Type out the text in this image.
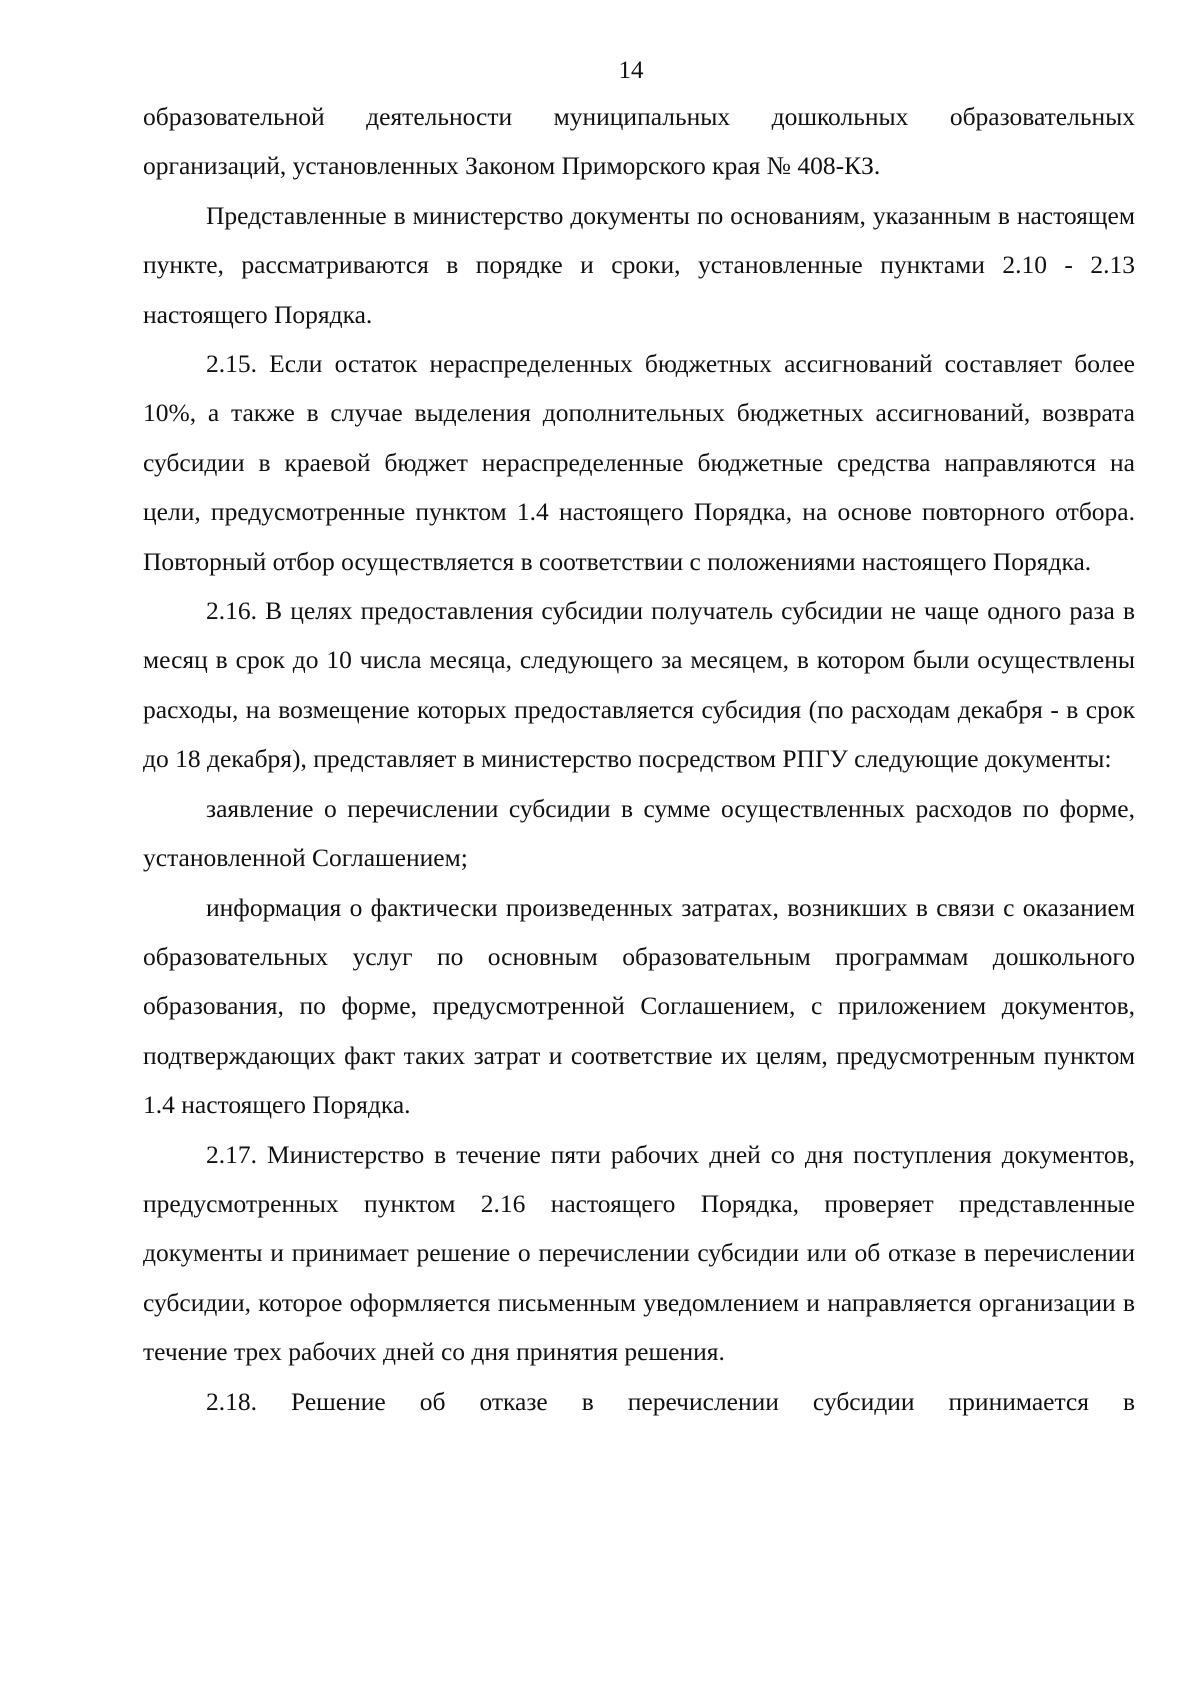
14

образовательной деятельности муниципальных дошкольных образовательных организаций, установленных Законом Приморского края № 408-КЗ.

Представленные в министерство документы по основаниям, указанным в настоящем пункте, рассматриваются в порядке и сроки, установленные пунктами 2.10 - 2.13 настоящего Порядка.

2.15. Если остаток нераспределенных бюджетных ассигнований составляет более 10%, а также в случае выделения дополнительных бюджетных ассигнований, возврата субсидии в краевой бюджет нераспределенные бюджетные средства направляются на цели, предусмотренные пунктом 1.4 настоящего Порядка, на основе повторного отбора. Повторный отбор осуществляется в соответствии с положениями настоящего Порядка.

2.16. В целях предоставления субсидии получатель субсидии не чаще одного раза в месяц в срок до 10 числа месяца, следующего за месяцем, в котором были осуществлены расходы, на возмещение которых предоставляется субсидия (по расходам декабря - в срок до 18 декабря), представляет в министерство посредством РПГУ следующие документы:

заявление о перечислении субсидии в сумме осуществленных расходов по форме, установленной Соглашением;

информация о фактически произведенных затратах, возникших в связи с оказанием образовательных услуг по основным образовательным программам дошкольного образования, по форме, предусмотренной Соглашением, с приложением документов, подтверждающих факт таких затрат и соответствие их целям, предусмотренным пунктом 1.4 настоящего Порядка.

2.17. Министерство в течение пяти рабочих дней со дня поступления документов, предусмотренных пунктом 2.16 настоящего Порядка, проверяет представленные документы и принимает решение о перечислении субсидии или об отказе в перечислении субсидии, которое оформляется письменным уведомлением и направляется организации в течение трех рабочих дней со дня принятия решения.

2.18. Решение об отказе в перечислении субсидии принимается в
